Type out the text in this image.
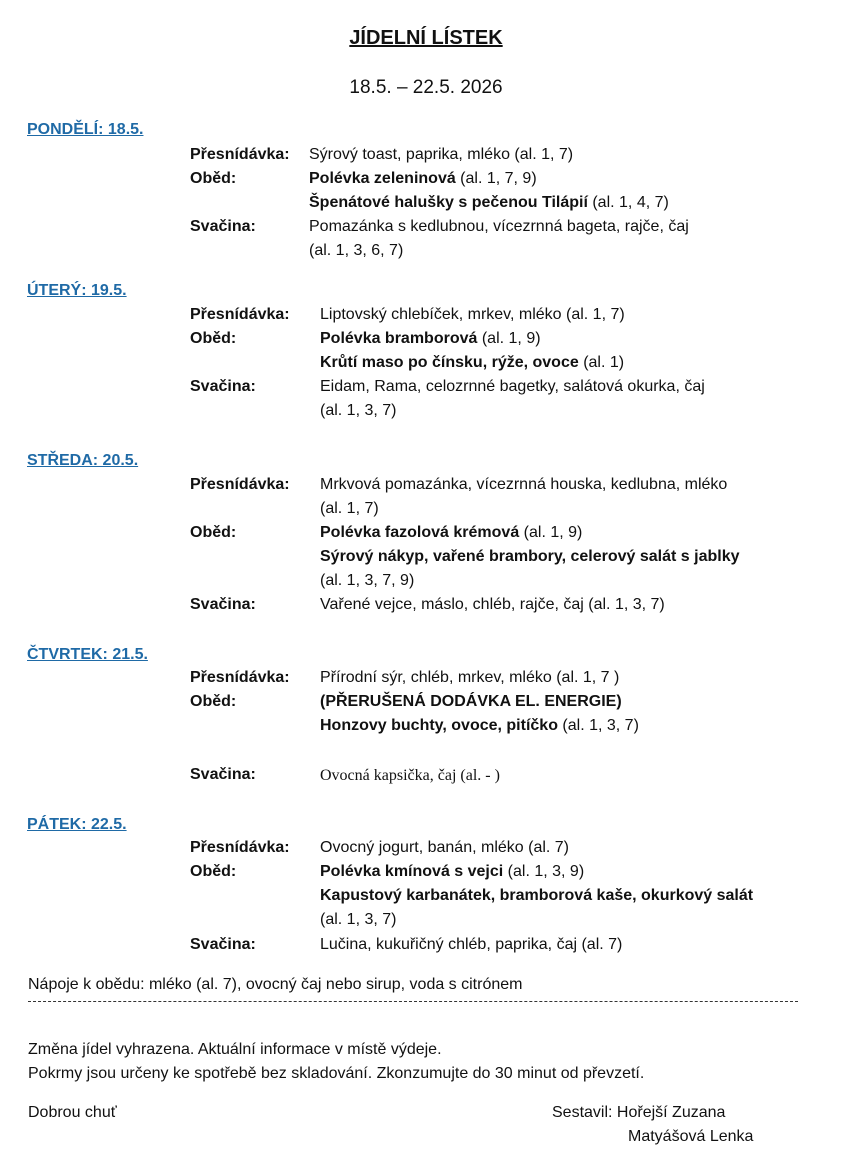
JÍDELNÍ LÍSTEK
18.5. – 22.5. 2026
PONDĚLÍ: 18.5.
Přesnídávka: Sýrový toast, paprika, mléko (al. 1, 7)
Oběd:	Polévka zeleninová (al. 1, 7, 9)
Špenátové halušky s pečenou Tilápií (al. 1, 4, 7)
Svačina:	Pomazánka s kedlubnou, vícezrnná bageta, rajče, čaj
(al. 1, 3, 6, 7)
ÚTERÝ: 19.5.
Přesnídávka: Liptovský chlebíček, mrkev, mléko (al. 1, 7)
Oběd:	Polévka bramborová (al. 1, 9)
Krůtí maso po čínsku, rýže, ovoce (al. 1)
Svačina:	Eidam, Rama, celozrnné bagetky, salátová okurka, čaj
(al. 1, 3, 7)
STŘEDA: 20.5.
Přesnídávka: Mrkvová pomazánka, vícezrnná houska, kedlubna, mléko
(al. 1, 7)
Oběd:	Polévka fazolová krémová (al. 1, 9)
Sýrový nákyp, vařené brambory, celerový salát s jablky
(al. 1, 3, 7, 9)
Svačina:	Vařené vejce, máslo, chléb, rajče, čaj (al. 1, 3, 7)
ČTVRTEK: 21.5.
Přesnídávka: Přírodní sýr, chléb, mrkev, mléko (al. 1, 7 )
Oběd:	(PŘERUŠENÁ DODÁVKA EL. ENERGIE)
Honzovy buchty, ovoce, pitíčko (al. 1, 3, 7)
Svačina:	Ovocná kapsička, čaj (al. - )
PÁTEK: 22.5.
Přesnídávka: Ovocný jogurt, banán, mléko (al. 7)
Oběd:	Polévka kmínová s vejci (al. 1, 3, 9)
Kapustový karbanátek, bramborová kaše, okurkový salát
(al. 1, 3, 7)
Svačina:	Lučina, kukuřičný chléb, paprika, čaj (al. 7)
Nápoje k obědu: mléko (al. 7), ovocný čaj nebo sirup, voda s citrónem
Změna jídel vyhrazena. Aktuální informace v místě výdeje.
Pokrmy jsou určeny ke spotřebě bez skladování. Zkonzumujte do 30 minut od převzetí.
Dobrou chuť	Sestavil: Hořejší Zuzana
Matyášová Lenka
